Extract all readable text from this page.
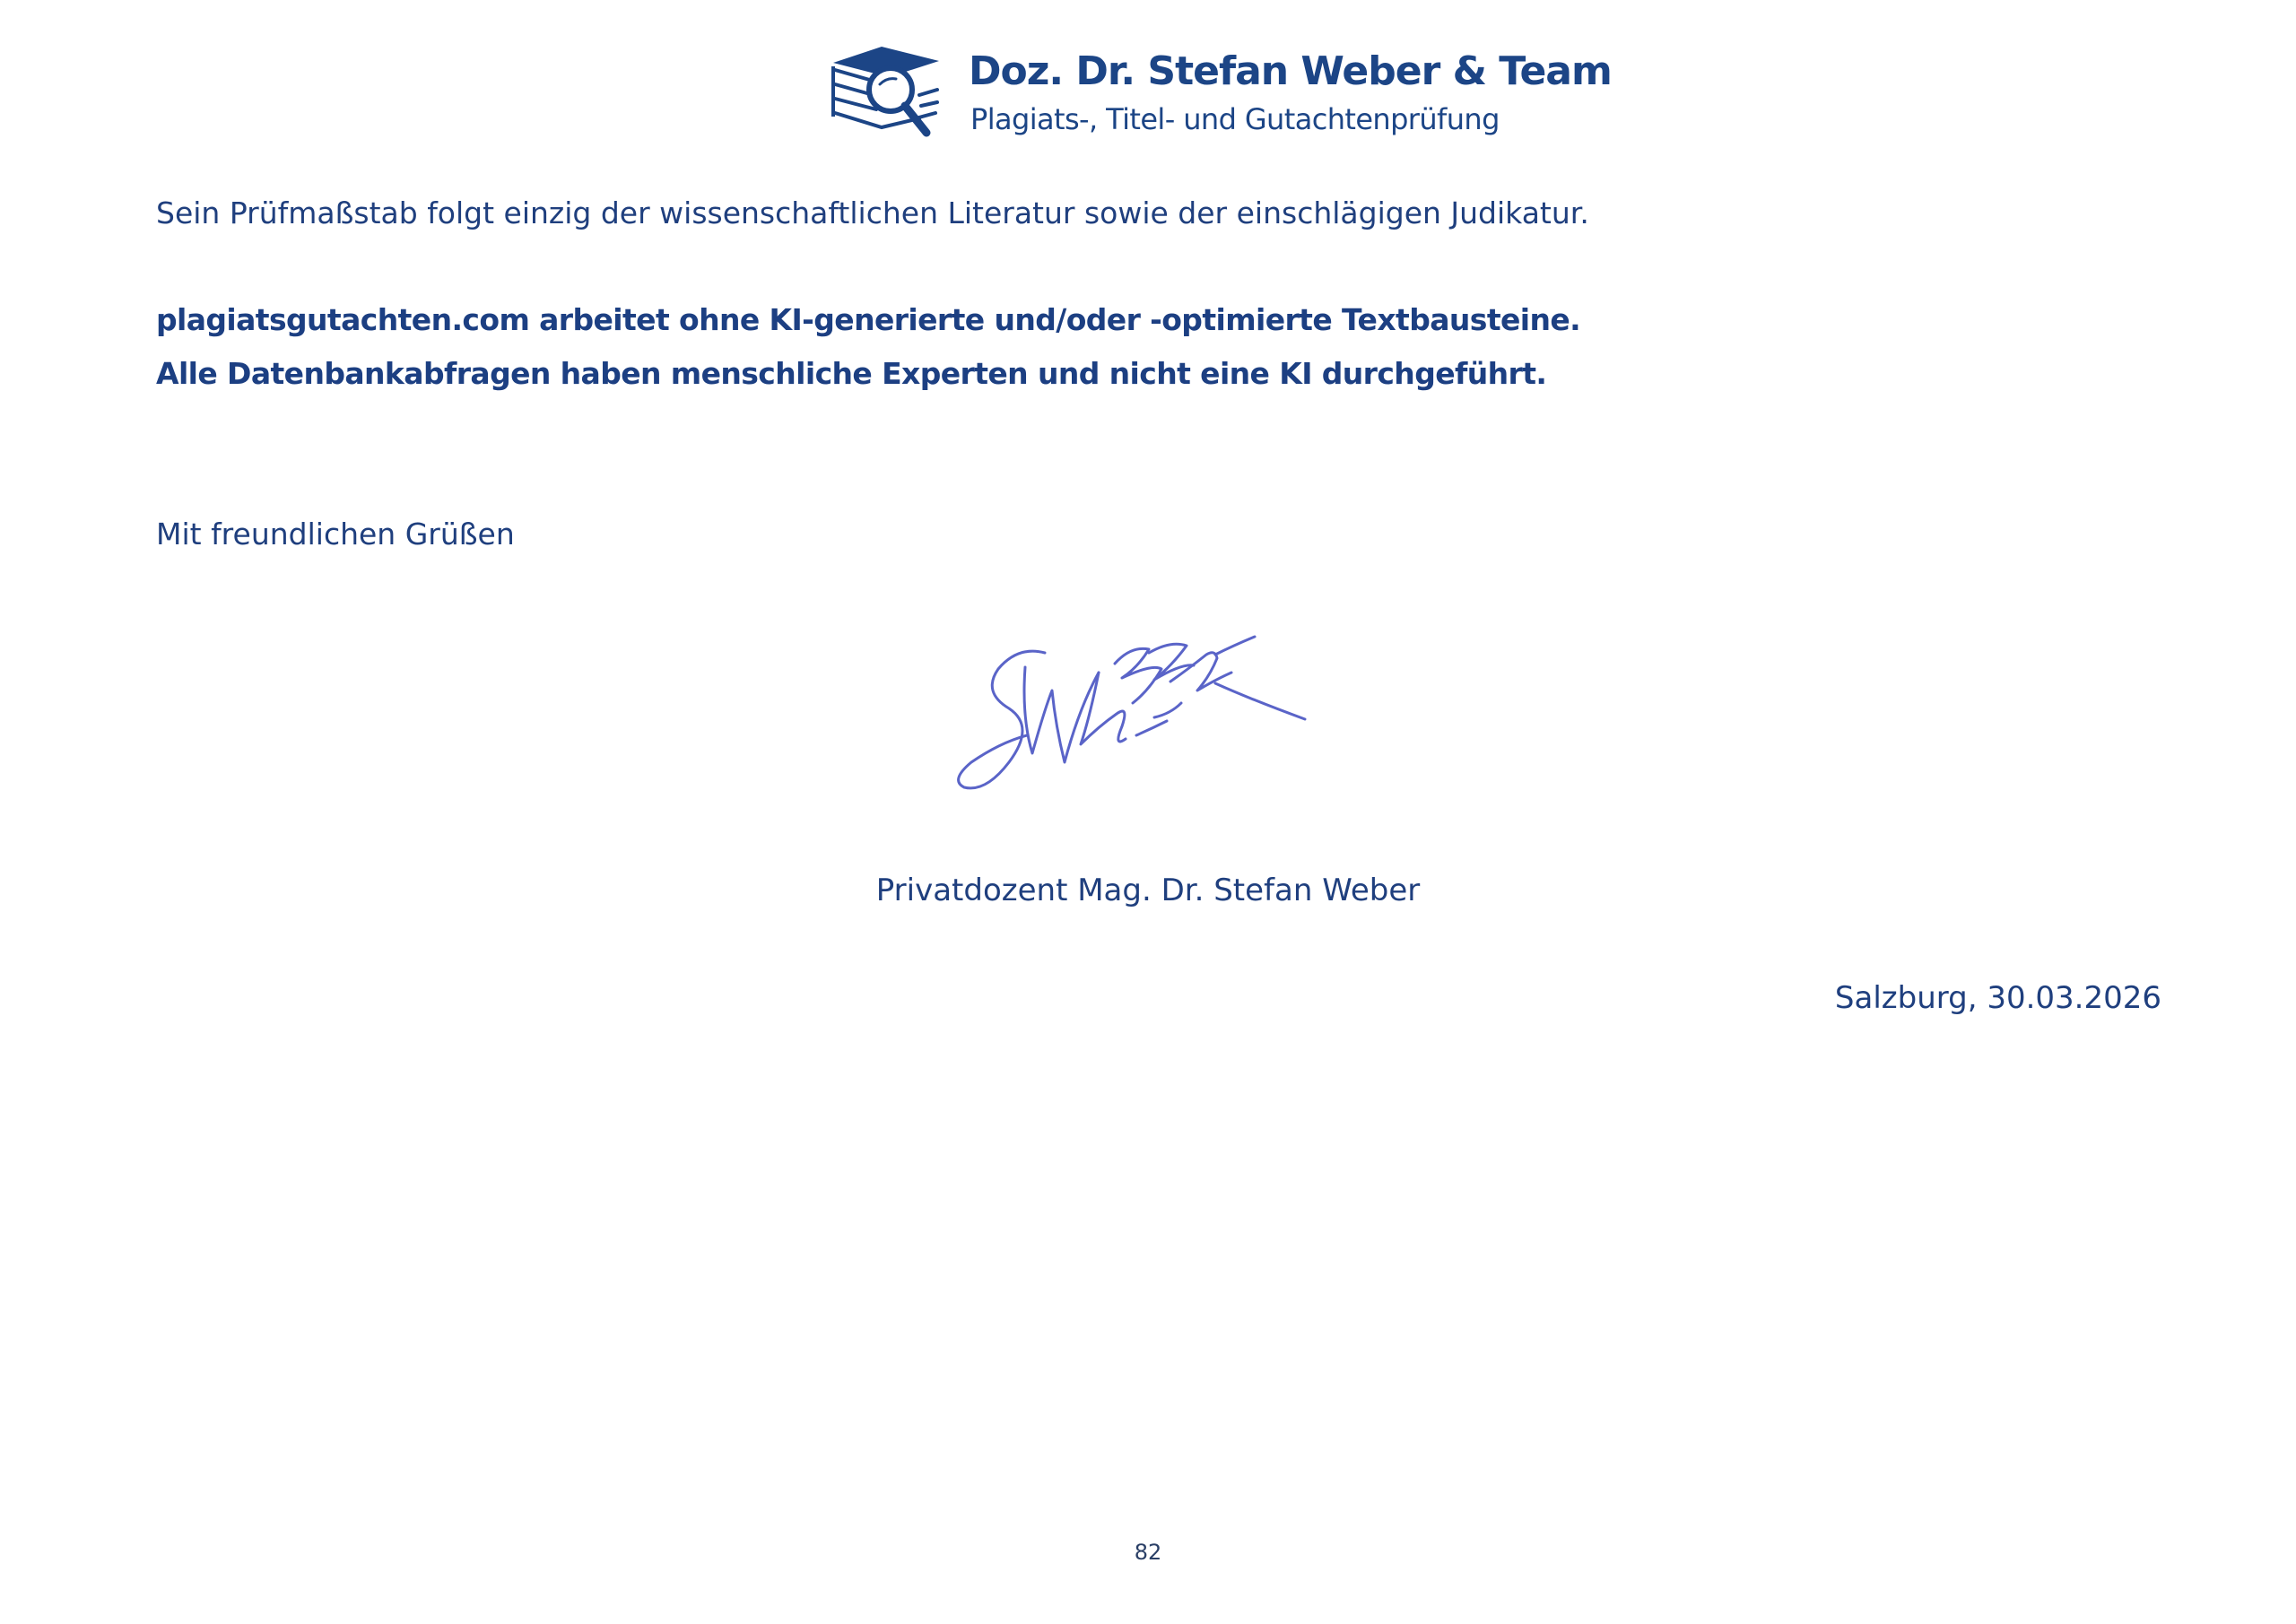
Doz. Dr. Stefan Weber & Team
Plagiats-, Titel- und Gutachtenprüfung
Sein Prüfmaßstab folgt einzig der wissenschaftlichen Literatur sowie der einschlägigen Judikatur.
plagiatsgutachten.com arbeitet ohne KI-generierte und/oder -optimierte Textbausteine.
Alle Datenbankabfragen haben menschliche Experten und nicht eine KI durchgeführt.
Mit freundlichen Grüßen
Privatdozent Mag. Dr. Stefan Weber
Salzburg, 30.03.2026
82
